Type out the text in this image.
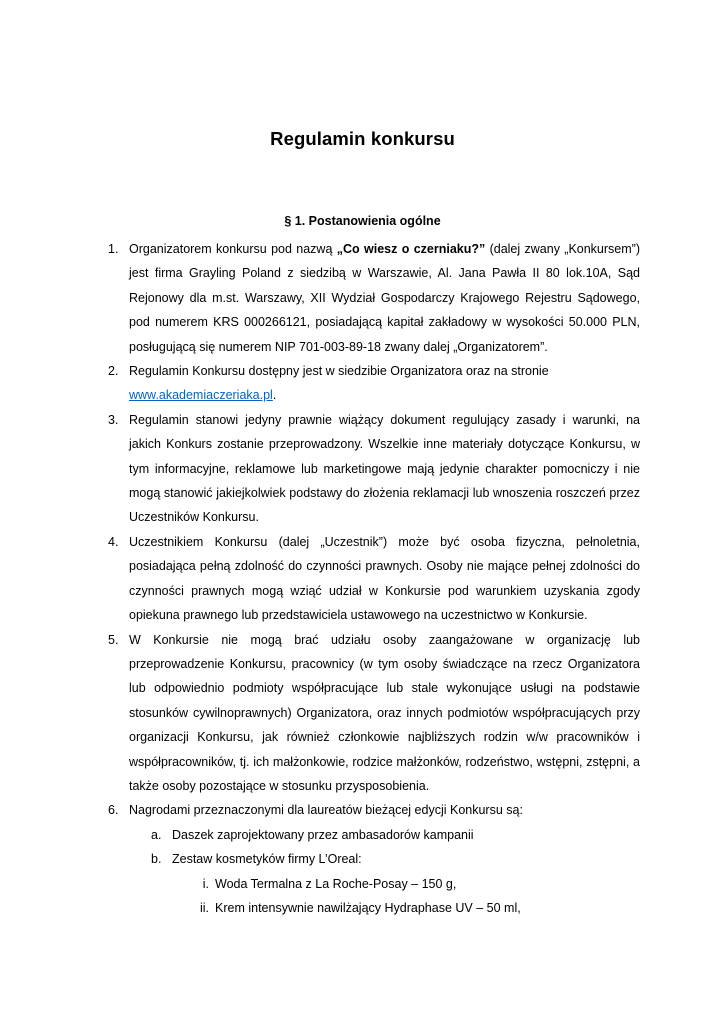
Regulamin konkursu
§ 1. Postanowienia ogólne
1. Organizatorem konkursu pod nazwą „Co wiesz o czerniaku?” (dalej zwany „Konkursem”) jest firma Grayling Poland z siedzibą w Warszawie, Al. Jana Pawła II 80 lok.10A, Sąd Rejonowy dla m.st. Warszawy, XII Wydział Gospodarczy Krajowego Rejestru Sądowego, pod numerem KRS 000266121, posiadającą kapitał zakładowy w wysokości 50.000 PLN, posługującą się numerem NIP 701-003-89-18 zwany dalej „Organizatorem”.

2. Regulamin Konkursu dostępny jest w siedzibie Organizatora oraz na stronie
www.akademiaczeriaka.pl.

3. Regulamin stanowi jedyny prawnie wiążący dokument regulujący zasady i warunki, na jakich Konkurs zostanie przeprowadzony. Wszelkie inne materiały dotyczące Konkursu, w tym informacyjne, reklamowe lub marketingowe mają jedynie charakter pomocniczy i nie mogą stanowić jakiejkolwiek podstawy do złożenia reklamacji lub wnoszenia roszczeń przez Uczestników Konkursu.

4. Uczestnikiem Konkursu (dalej „Uczestnik”) może być osoba fizyczna, pełnoletnia, posiadająca pełną zdolność do czynności prawnych. Osoby nie mające pełnej zdolności do czynności prawnych mogą wziąć udział w Konkursie pod warunkiem uzyskania zgody opiekuna prawnego lub przedstawiciela ustawowego na uczestnictwo w Konkursie.

5. W Konkursie nie mogą brać udziału osoby zaangażowane w organizację lub przeprowadzenie Konkursu, pracownicy (w tym osoby świadczące na rzecz Organizatora lub odpowiednio podmioty współpracujące lub stale wykonujące usługi na podstawie stosunków cywilnoprawnych) Organizatora, oraz innych podmiotów współpracujących przy organizacji Konkursu, jak również członkowie najbliższych rodzin w/w pracowników i współpracowników, tj. ich małżonkowie, rodzice małżonków, rodzeństwo, wstępni, zstępni, a także osoby pozostające w stosunku przysposobienia.

6. Nagrodami przeznaczonymi dla laureatów bieżącej edycji Konkursu są:

a. Daszek zaprojektowany przez ambasadorów kampanii
b. Zestaw kosmetyków firmy L’Oreal:
i. Woda Termalna z La Roche-Posay – 150 g,
ii. Krem intensywnie nawilżający Hydraphase UV – 50 ml,
